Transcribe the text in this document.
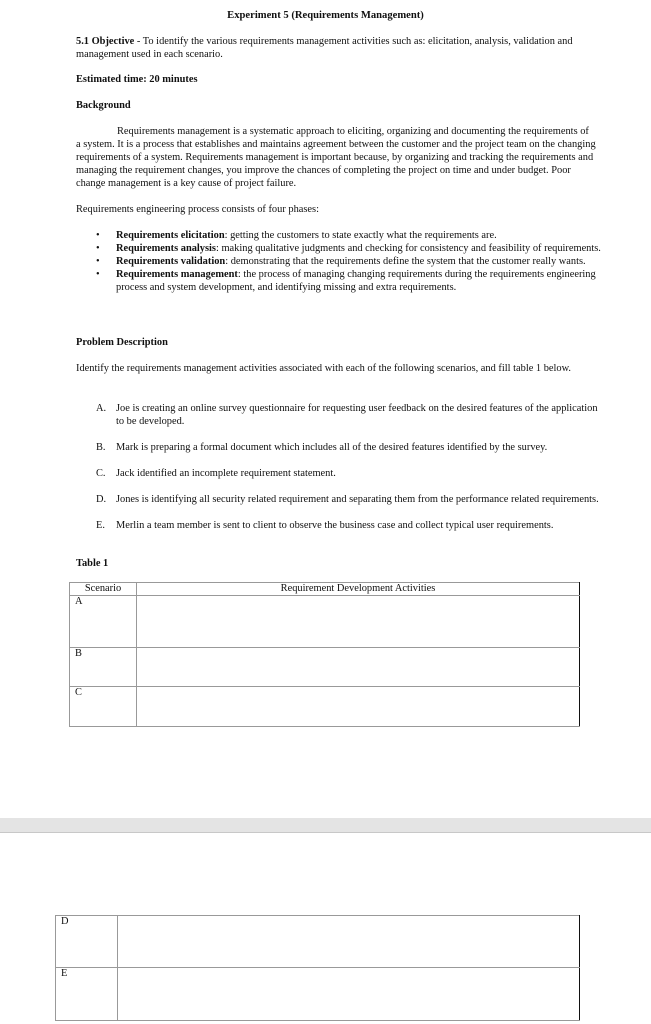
Experiment 5 (Requirements Management)
5.1 Objective - To identify the various requirements management activities such as: elicitation, analysis, validation and management used in each scenario.
Estimated time: 20 minutes
Background
Requirements management is a systematic approach to eliciting, organizing and documenting the requirements of a system. It is a process that establishes and maintains agreement between the customer and the project team on the changing requirements of a system. Requirements management is important because, by organizing and tracking the requirements and managing the requirement changes, you improve the chances of completing the project on time and under budget. Poor change management is a key cause of project failure.
Requirements engineering process consists of four phases:
• Requirements elicitation: getting the customers to state exactly what the requirements are.
• Requirements analysis: making qualitative judgments and checking for consistency and feasibility of requirements.
• Requirements validation: demonstrating that the requirements define the system that the customer really wants.
• Requirements management: the process of managing changing requirements during the requirements engineering process and system development, and identifying missing and extra requirements.
Problem Description
Identify the requirements management activities associated with each of the following scenarios, and fill table 1 below.
A. Joe is creating an online survey questionnaire for requesting user feedback on the desired features of the application to be developed.
B. Mark is preparing a formal document which includes all of the desired features identified by the survey.
C. Jack identified an incomplete requirement statement.
D. Jones is identifying all security related requirement and separating them from the performance related requirements.
E. Merlin a team member is sent to client to observe the business case and collect typical user requirements.
Table 1
Scenario	Requirement Development Activities
A	
B	
C	
D	
E	
